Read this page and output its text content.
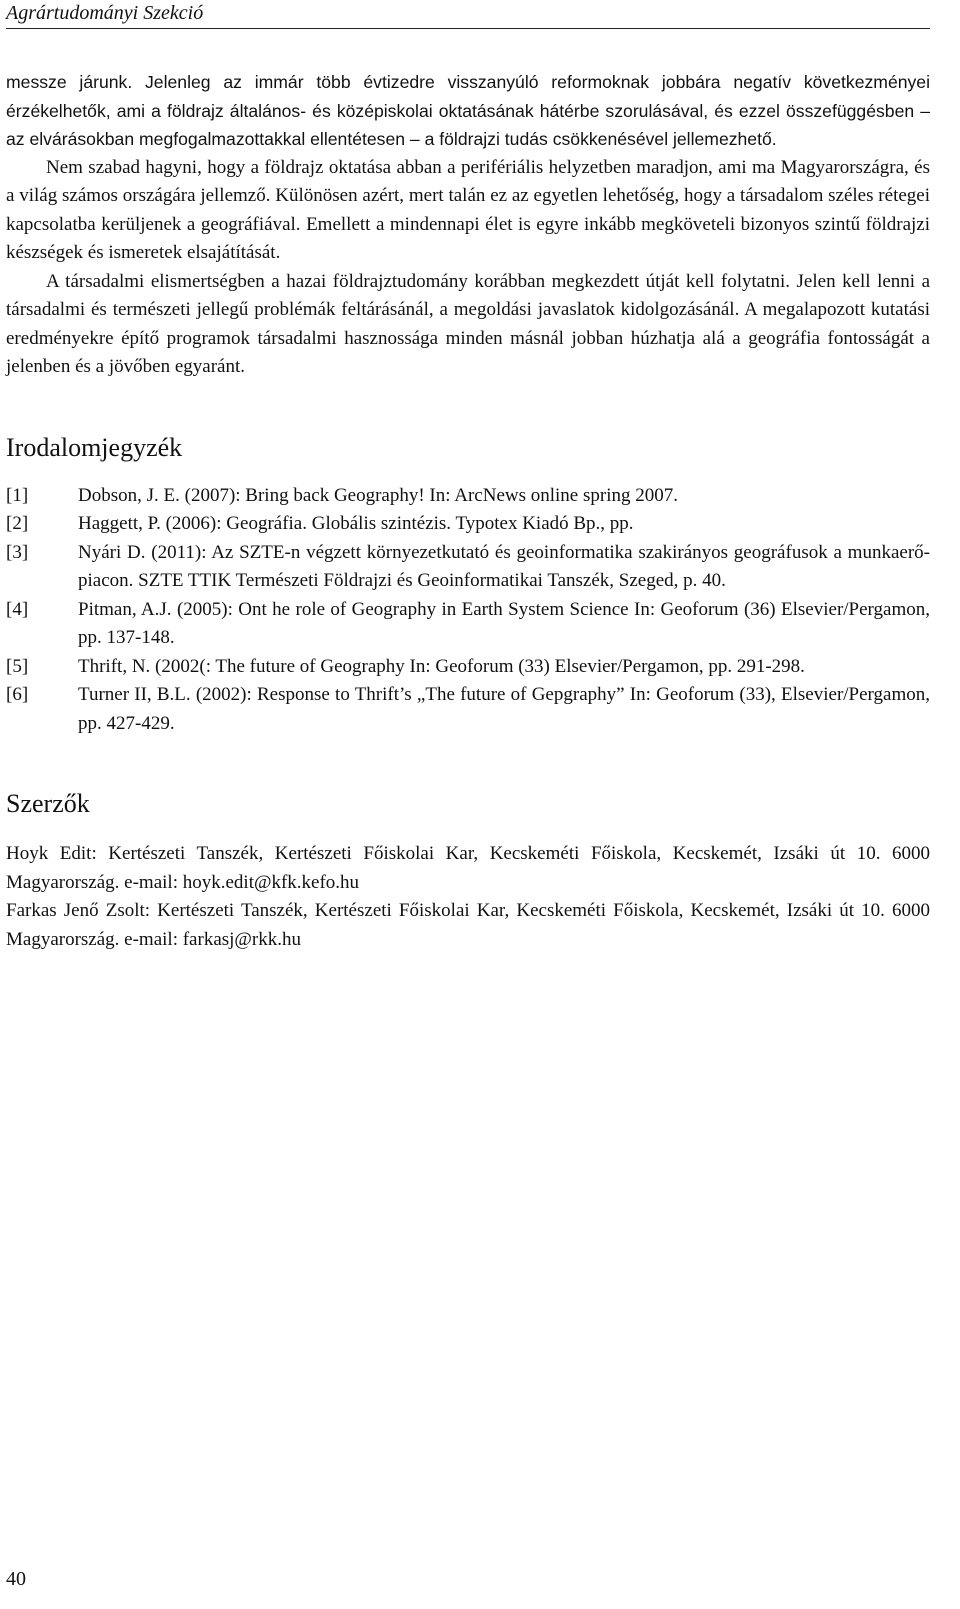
Agrártudományi Szekció

messze járunk. Jelenleg az immár több évtizedre visszanyúló reformoknak jobbára negatív következményei érzékelhetők, ami a földrajz általános- és középiskolai oktatásának hátérbe szorulásával, és ezzel összefüggésben – az elvárásokban megfogalmazottakkal ellentétesen – a földrajzi tudás csökkenésével jellemezhető.

Nem szabad hagyni, hogy a földrajz oktatása abban a perifériális helyzetben maradjon, ami ma Magyarországra, és a világ számos országára jellemző. Különösen azért, mert talán ez az egyetlen lehetőség, hogy a társadalom széles rétegei kapcsolatba kerüljenek a geográfiával. Emellett a mindennapi élet is egyre inkább megköveteli bizonyos szintű földrajzi készségek és ismeretek elsajátítását.

A társadalmi elismertségben a hazai földrajztudomány korábban megkezdett útját kell folytatni. Jelen kell lenni a társadalmi és természeti jellegű problémák feltárásánál, a megoldási javaslatok kidolgozásánál. A megalapozott kutatási eredményekre építő programok társadalmi hasznossága minden másnál jobban húzhatja alá a geográfia fontosságát a jelenben és a jövőben egyaránt.

Irodalomjegyzék
[1]	Dobson, J. E. (2007): Bring back Geography! In: ArcNews online spring 2007.
[2]	Haggett, P. (2006): Geográfia. Globális szintézis. Typotex Kiadó Bp., pp.
[3]	Nyári D. (2011): Az SZTE-n végzett környezetkutató és geoinformatika szakirányos geográfusok a munkaerő-piacon. SZTE TTIK Természeti Földrajzi és Geoinformatikai Tanszék, Szeged, p. 40.
[4]	Pitman, A.J. (2005): Ont he role of Geography in Earth System Science In: Geoforum (36) Elsevier/Pergamon, pp. 137-148.
[5]	Thrift, N. (2002(: The future of Geography In: Geoforum (33) Elsevier/Pergamon, pp. 291-298.
[6]	Turner II, B.L. (2002): Response to Thrift’s „The future of Gepgraphy” In: Geoforum (33), Elsevier/Pergamon, pp. 427-429.
Szerzők

Hoyk Edit: Kertészeti Tanszék, Kertészeti Főiskolai Kar, Kecskeméti Főiskola, Kecskemét, Izsáki út 10. 6000 Magyarország. e-mail: hoyk.edit@kfk.kefo.hu

Farkas Jenő Zsolt: Kertészeti Tanszék, Kertészeti Főiskolai Kar, Kecskeméti Főiskola, Kecskemét, Izsáki út 10. 6000 Magyarország. e-mail: farkasj@rkk.hu

40
